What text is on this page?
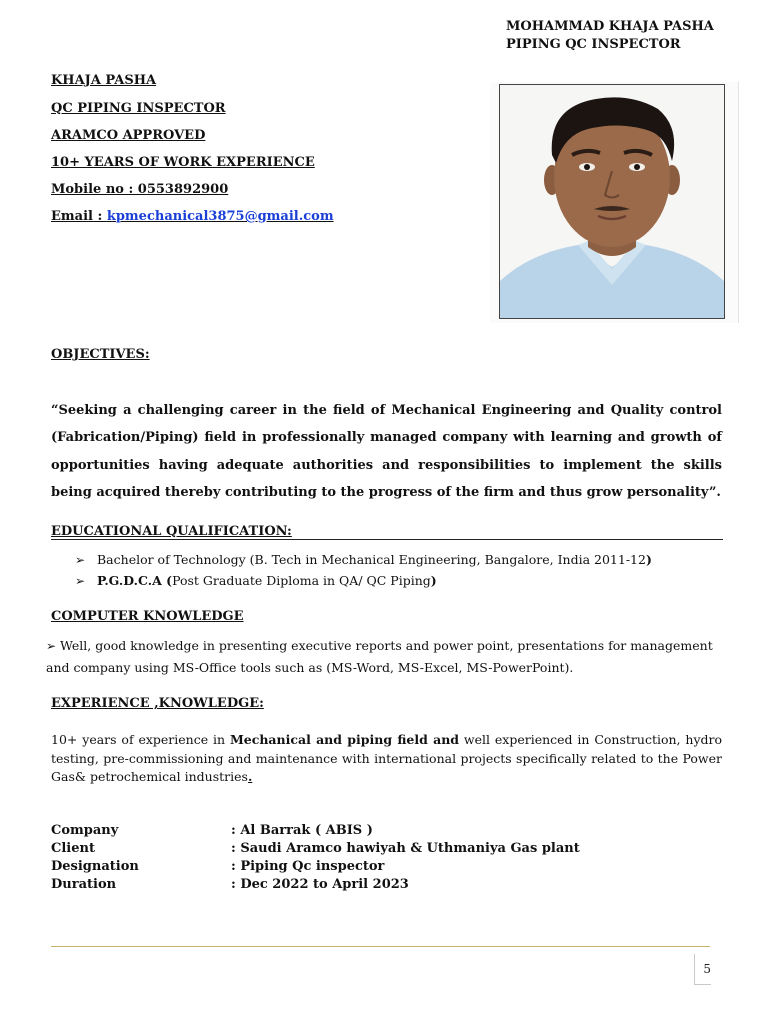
MOHAMMAD KHAJA PASHA
PIPING QC INSPECTOR
KHAJA PASHA
QC PIPING INSPECTOR
ARAMCO APPROVED
10+ YEARS OF WORK EXPERIENCE
Mobile no : 0553892900
Email : kpmechanical3875@gmail.com
OBJECTIVES:

“Seeking a challenging career in the field of Mechanical Engineering and Quality control (Fabrication/Piping) field in professionally managed company with learning and growth of opportunities having adequate authorities and responsibilities to implement the skills being acquired thereby contributing to the progress of the firm and thus grow personality”.

EDUCATIONAL QUALIFICATION:
➢ Bachelor of Technology (B. Tech in Mechanical Engineering, Bangalore, India 2011-12)
➢ P.G.D.C.A (Post Graduate Diploma in QA/ QC Piping)
COMPUTER KNOWLEDGE
➢ Well, good knowledge in presenting executive reports and power point, presentations for management and company using MS-Office tools such as (MS-Word, MS-Excel, MS-PowerPoint).
EXPERIENCE ,KNOWLEDGE:

10+ years of experience in Mechanical and piping field and well experienced in Construction, hydro testing, pre-commissioning and maintenance with international projects specifically related to the Power Gas& petrochemical industries.

Company	: Al Barrak ( ABIS )
Client	: Saudi Aramco hawiyah & Uthmaniya Gas plant
Designation	: Piping Qc inspector
Duration	: Dec 2022 to April 2023
5
